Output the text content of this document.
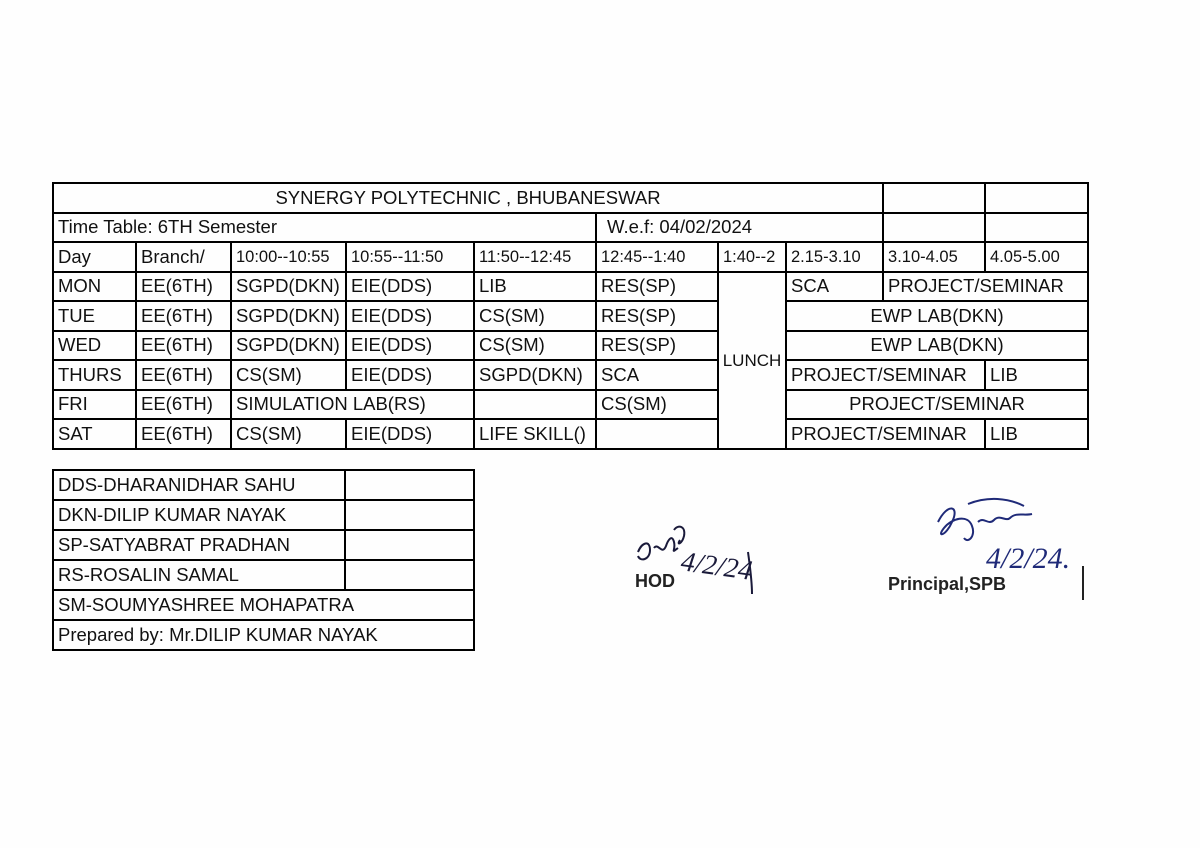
SYNERGY POLYTECHNIC , BHUBANESWAR									
Time Table: 6TH Semester					W.e.f: 04/02/2024				
Day	Branch/	10:00--10:55	10:55--11:50	11:50--12:45	12:45--1:40	1:40--2	2.15-3.10	3.10-4.05	4.05-5.00
MON	EE(6TH)	SGPD(DKN)	EIE(DDS)	LIB	RES(SP)	LUNCH	SCA	PROJECT/SEMINAR	
TUE	EE(6TH)	SGPD(DKN)	EIE(DDS)	CS(SM)	RES(SP)		EWP LAB(DKN)		
WED	EE(6TH)	SGPD(DKN)	EIE(DDS)	CS(SM)	RES(SP)		EWP LAB(DKN)		
THURS	EE(6TH)	CS(SM)	EIE(DDS)	SGPD(DKN)	SCA		PROJECT/SEMINAR		LIB
FRI	EE(6TH)	SIMULATION LAB(RS)			CS(SM)		PROJECT/SEMINAR		
SAT	EE(6TH)	CS(SM)	EIE(DDS)	LIFE SKILL()			PROJECT/SEMINAR		LIB
DDS-DHARANIDHAR SAHU	
DKN-DILIP KUMAR NAYAK	
SP-SATYABRAT PRADHAN	
RS-ROSALIN SAMAL	
SM-SOUMYASHREE MOHAPATRA	
Prepared by: Mr.DILIP KUMAR NAYAK	
4/2/24
HOD
4/2/24.
Principal,SPB
